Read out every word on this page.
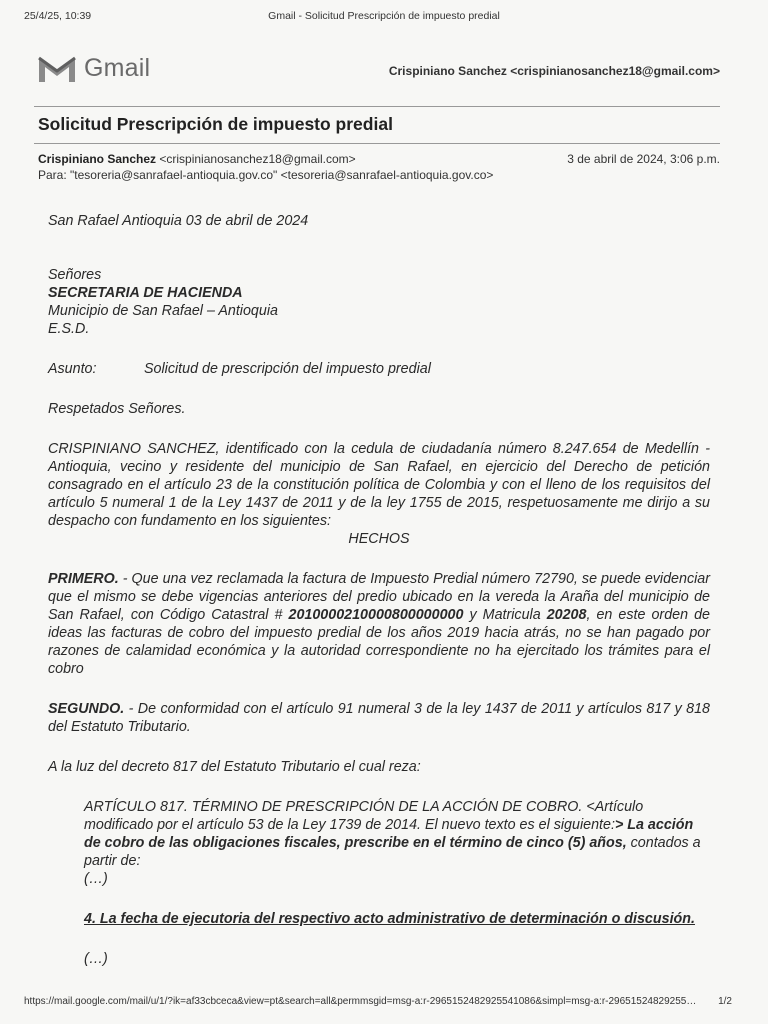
25/4/25, 10:39	Gmail - Solicitud Prescripción de impuesto predial
Gmail	Crispiniano Sanchez <crispinianosanchez18@gmail.com>
Solicitud Prescripción de impuesto predial
Crispiniano Sanchez <crispinianosanchez18@gmail.com>
Para: "tesoreria@sanrafael-antioquia.gov.co" <tesoreria@sanrafael-antioquia.gov.co>
3 de abril de 2024, 3:06 p.m.

San Rafael Antioquia 03 de abril de 2024

Señores

SECRETARIA DE HACIENDA

Municipio de San Rafael – Antioquia

E.S.D.

Asunto:	Solicitud de prescripción del impuesto predial

Respetados Señores.

CRISPINIANO SANCHEZ, identificado con la cedula de ciudadanía número 8.247.654 de Medellín - Antioquia, vecino y residente del municipio de San Rafael, en ejercicio del Derecho de petición consagrado en el artículo 23 de la constitución política de Colombia y con el lleno de los requisitos del artículo 5 numeral 1 de la Ley 1437 de 2011 y de la ley 1755 de 2015, respetuosamente me dirijo a su despacho con fundamento en los siguientes:

HECHOS

PRIMERO. - Que una vez reclamada la factura de Impuesto Predial número 72790, se puede evidenciar que el mismo se debe vigencias anteriores del predio ubicado en la vereda la Araña del municipio de San Rafael, con Código Catastral # 2010000210000800000000 y Matricula 20208, en este orden de ideas las facturas de cobro del impuesto predial de los años 2019 hacia atrás, no se han pagado por razones de calamidad económica y la autoridad correspondiente no ha ejercitado los trámites para el cobro

SEGUNDO. - De conformidad con el artículo 91 numeral 3 de la ley 1437 de 2011 y artículos 817 y 818 del Estatuto Tributario.

A la luz del decreto 817 del Estatuto Tributario el cual reza:

ARTÍCULO 817. TÉRMINO DE PRESCRIPCIÓN DE LA ACCIÓN DE COBRO. <Artículo modificado por el artículo 53 de la Ley 1739 de 2014. El nuevo texto es el siguiente:> La acción de cobro de las obligaciones fiscales, prescribe en el término de cinco (5) años, contados a partir de:

(…)

4. La fecha de ejecutoria del respectivo acto administrativo de determinación o discusión.

(…)

https://mail.google.com/mail/u/1/?ik=af33cbceca&view=pt&search=all&permmsgid=msg-a:r-2965152482925541086&simpl=msg-a:r-29651524829255… 1/2
